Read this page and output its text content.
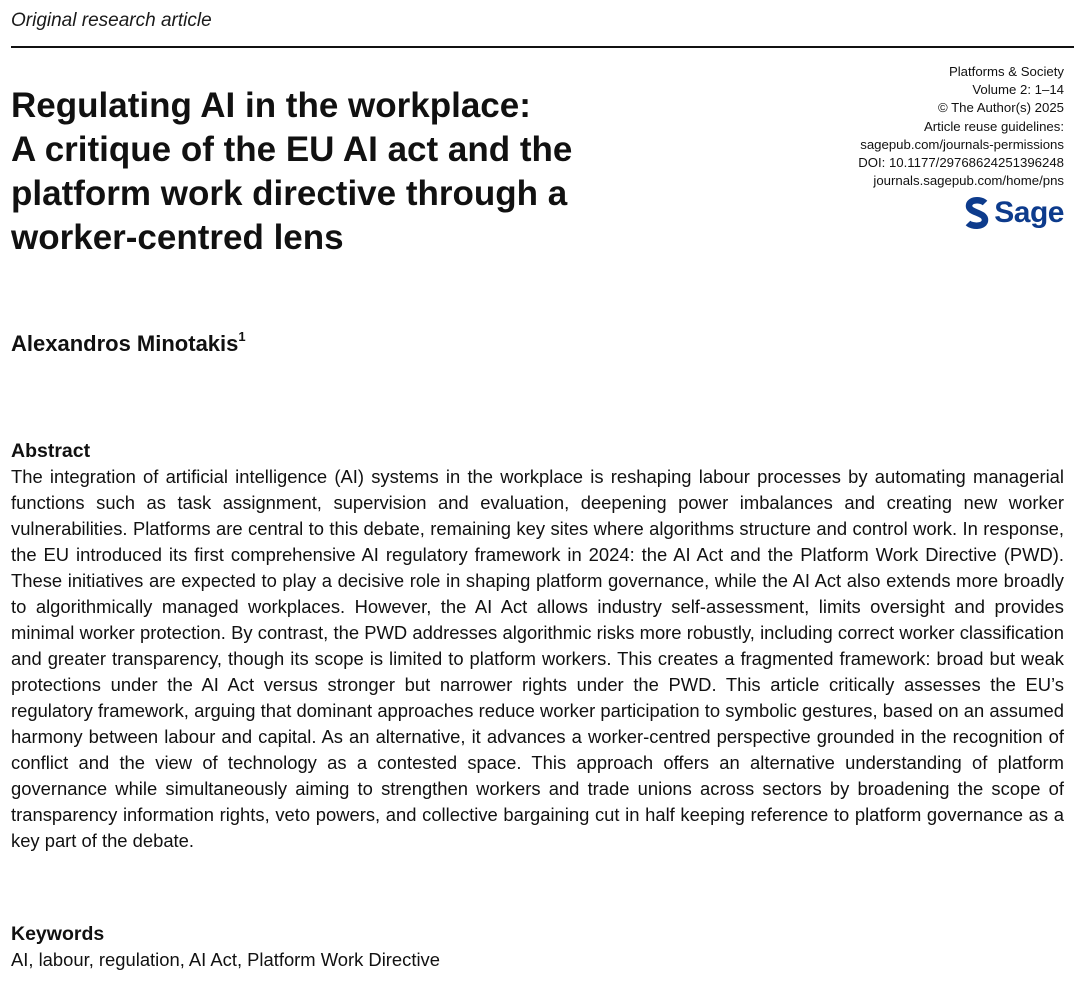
Original research article
Regulating AI in the workplace:
A critique of the EU AI act and the
platform work directive through a
worker-centred lens
Platforms & Society
Volume 2: 1–14
© The Author(s) 2025
Article reuse guidelines:
sagepub.com/journals-permissions
DOI: 10.1177/29768624251396248
journals.sagepub.com/home/pns
Sage
Alexandros Minotakis$^1$
Abstract

The integration of artificial intelligence (AI) systems in the workplace is reshaping labour processes by automating managerial functions such as task assignment, supervision and evaluation, deepening power imbalances and creating new worker vulnerabilities. Platforms are central to this debate, remaining key sites where algorithms structure and control work. In response, the EU introduced its first comprehensive AI regulatory framework in 2024: the AI Act and the Platform Work Directive (PWD). These initiatives are expected to play a decisive role in shaping platform governance, while the AI Act also extends more broadly to algorithmically managed workplaces. However, the AI Act allows industry self-assessment, limits oversight and provides minimal worker protection. By contrast, the PWD addresses algorithmic risks more robustly, including correct worker classification and greater transparency, though its scope is limited to platform workers. This creates a fragmented framework: broad but weak protections under the AI Act versus stronger but narrower rights under the PWD. This article critically assesses the EU’s regulatory framework, arguing that dominant approaches reduce worker participation to symbolic gestures, based on an assumed harmony between labour and capital. As an alternative, it advances a worker-centred perspective grounded in the recognition of conflict and the view of technology as a contested space. This approach offers an alternative understanding of platform governance while simultaneously aiming to strengthen workers and trade unions across sectors by broadening the scope of transparency information rights, veto powers, and collective bargaining cut in half keeping reference to platform governance as a key part of the debate.

Keywords
AI, labour, regulation, AI Act, Platform Work Directive
